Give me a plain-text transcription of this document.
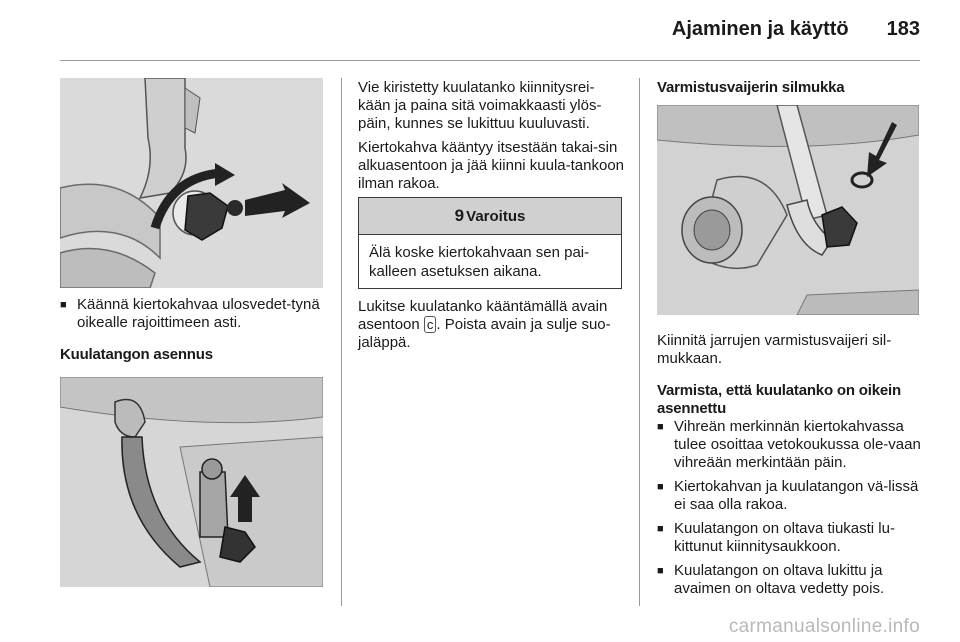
Ajaminen ja käyttö 183
■ Käännä kiertokahvaa ulosvedet-tynä oikealle rajoittimeen asti.

Kuulatangon asennus

Vie kiristetty kuulatanko kiinnitysrei-kään ja paina sitä voimakkaasti ylös-päin, kunnes se lukittuu kuuluvasti.

Kiertokahva kääntyy itsestään takai-sin alkuasentoon ja jää kiinni kuula-tankoon ilman rakoa.

9 Varoitus
Älä koske kiertokahvaan sen pai-kalleen asetuksen aikana.

Lukitse kuulatanko kääntämällä avain asentoon c . Poista avain ja sulje suo-jaläppä.

Varmistusvaijerin silmukka

Kiinnitä jarrujen varmistusvaijeri sil-mukkaan.

Varmista, että kuulatanko on oikein asennettu

■ Vihreän merkinnän kiertokahvassa tulee osoittaa vetokoukussa ole-vaan vihreään merkintään päin.
■ Kiertokahvan ja kuulatangon vä-lissä ei saa olla rakoa.
■ Kuulatangon on oltava tiukasti lu-kittunut kiinnitysaukkoon.
■ Kuulatangon on oltava lukittu ja avaimen on oltava vedetty pois.
carmanualsonline.info
